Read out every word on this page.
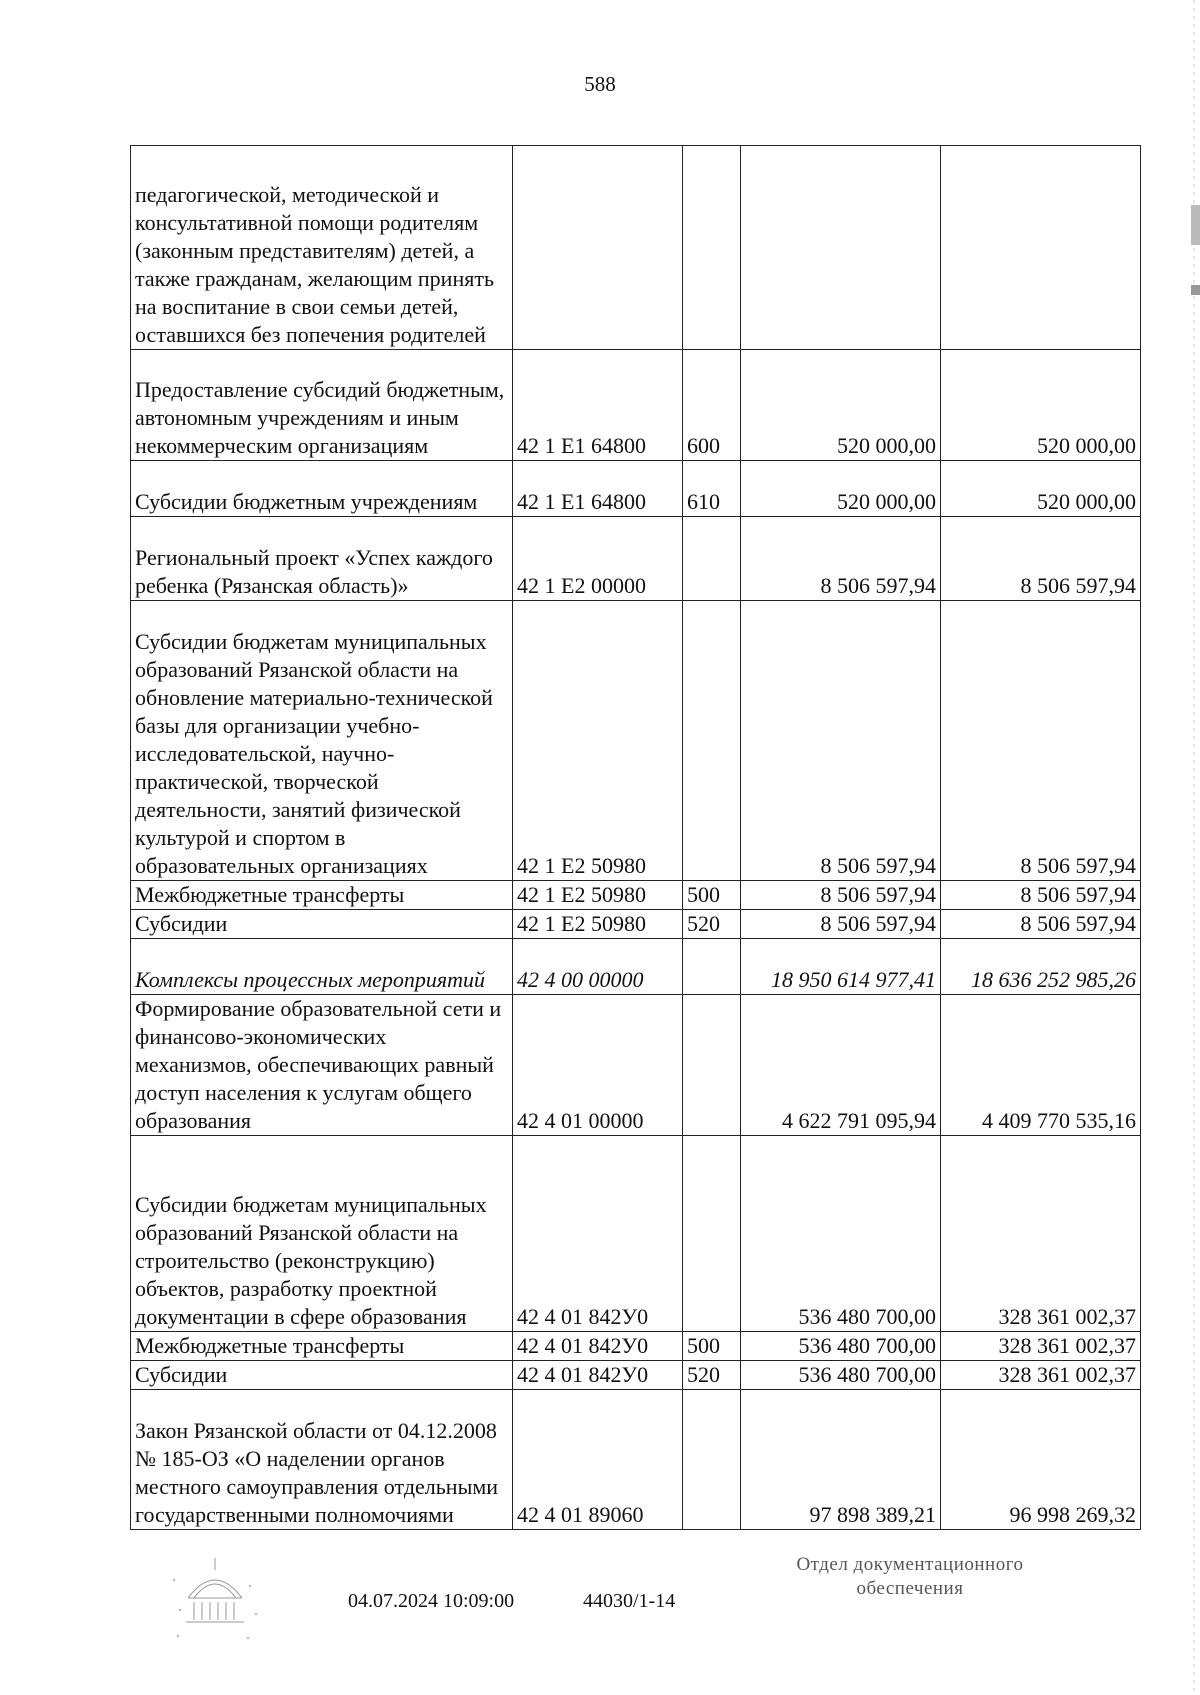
588
педагогической, методической и консультативной помощи родителям (законным представителям) детей, а также гражданам, желающим принять на воспитание в свои семьи детей, оставшихся без попечения родителей				
Предоставление субсидий бюджетным, автономным учреждениям и иным некоммерческим организациям	42 1 Е1 64800	600	520 000,00	520 000,00
Субсидии бюджетным учреждениям	42 1 Е1 64800	610	520 000,00	520 000,00
Региональный проект «Успех каждого ребенка (Рязанская область)»	42 1 Е2 00000		8 506 597,94	8 506 597,94
Субсидии бюджетам муниципальных образований Рязанской области на обновление материально-технической базы для организации учебно-исследовательской, научно-практической, творческой деятельности, занятий физической культурой и спортом в образовательных организациях	42 1 Е2 50980		8 506 597,94	8 506 597,94
Межбюджетные трансферты	42 1 Е2 50980	500	8 506 597,94	8 506 597,94
Субсидии	42 1 Е2 50980	520	8 506 597,94	8 506 597,94
Комплексы процессных мероприятий	42 4 00 00000		18 950 614 977,41	18 636 252 985,26
Формирование образовательной сети и финансово-экономических механизмов, обеспечивающих равный доступ населения к услугам общего образования	42 4 01 00000		4 622 791 095,94	4 409 770 535,16
Субсидии бюджетам муниципальных образований Рязанской области на строительство (реконструкцию) объектов, разработку проектной документации в сфере образования	42 4 01 842У0		536 480 700,00	328 361 002,37
Межбюджетные трансферты	42 4 01 842У0	500	536 480 700,00	328 361 002,37
Субсидии	42 4 01 842У0	520	536 480 700,00	328 361 002,37
Закон Рязанской области от 04.12.2008 № 185-ОЗ «О наделении органов местного самоуправления отдельными государственными полномочиями	42 4 01 89060		97 898 389,21	96 998 269,32
04.07.2024 10:09:00	44030/1-14
Отдел документационного
обеспечения
